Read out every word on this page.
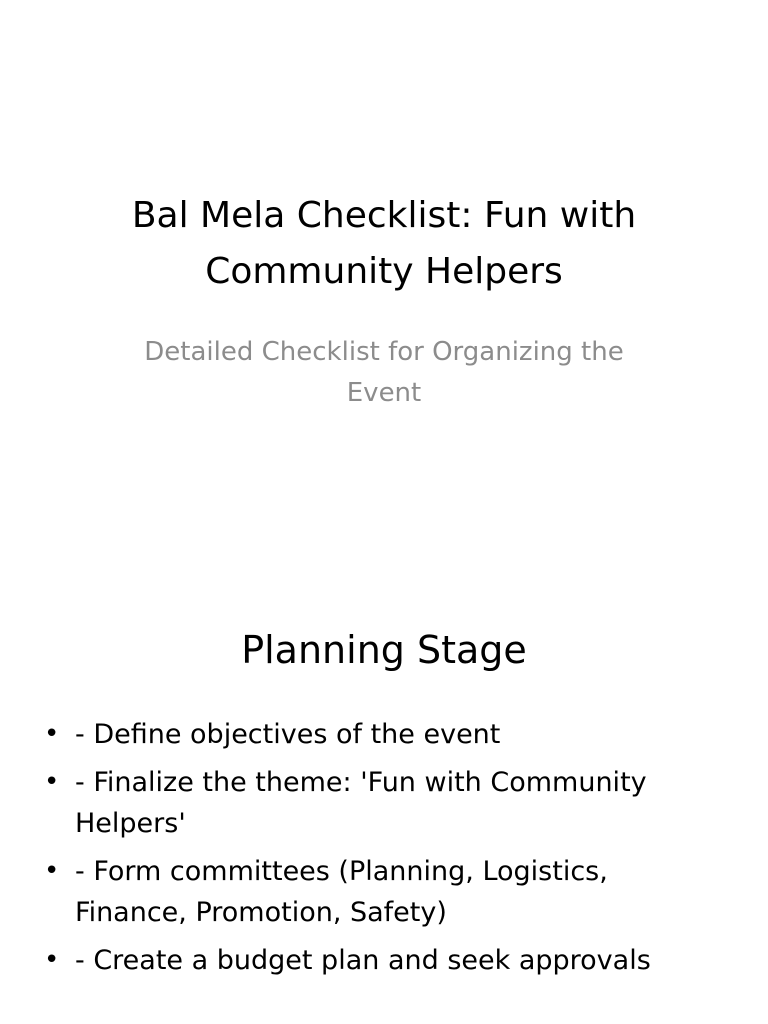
Bal Mela Checklist: Fun with Community Helpers
Detailed Checklist for Organizing the Event
Planning Stage
• - Define objectives of the event
• - Finalize the theme: 'Fun with Community Helpers'
• - Form committees (Planning, Logistics, Finance, Promotion, Safety)
• - Create a budget plan and seek approvals
